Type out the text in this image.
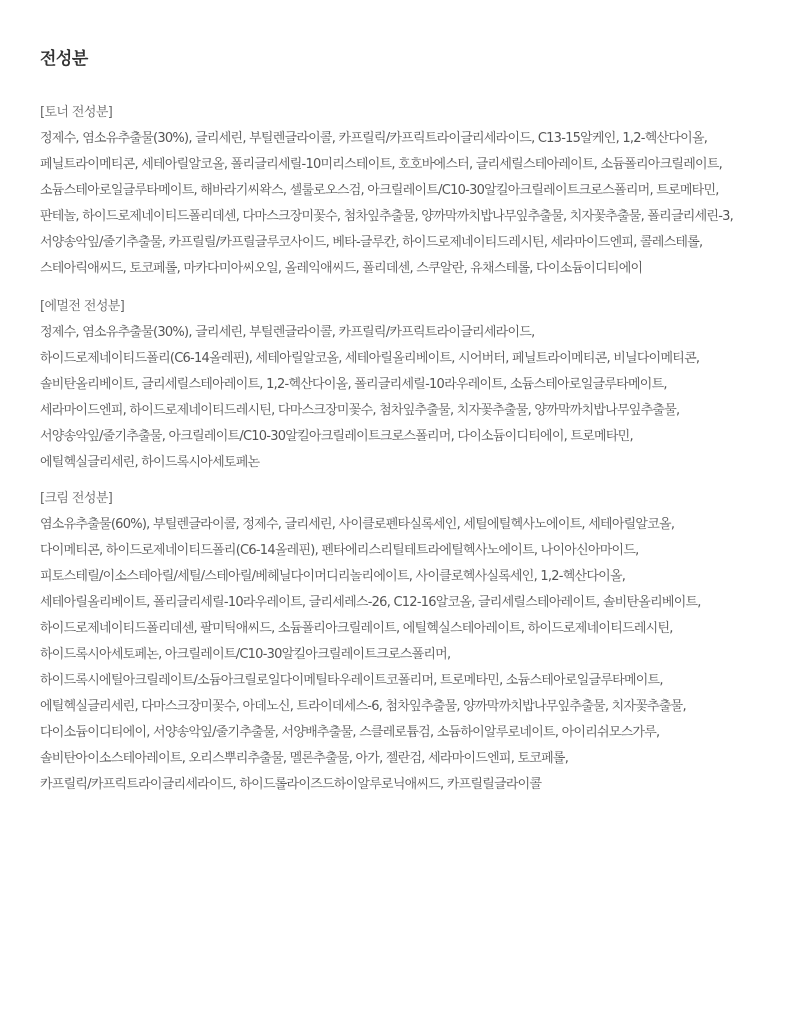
전성분
[토너 전성분]
정제수, 염소유추출물(30%), 글리세린, 부틸렌글라이콜, 카프릴릭/카프릭트라이글리세라이드, C13-15알케인, 1,2-헥산다이올,
페닐트라이메티콘, 세테아릴알코올, 폴리글리세릴-10미리스테이트, 호호바에스터, 글리세릴스테아레이트, 소듐폴리아크릴레이트,
소듐스테아로일글루타메이트, 해바라기씨왁스, 셀룰로오스검, 아크릴레이트/C10-30알킬아크릴레이트크로스폴리머, 트로메타민,
판테놀, 하이드로제네이티드폴리데센, 다마스크장미꽃수, 첨차잎추출물, 양까막까치밥나무잎추출물, 치자꽃추출물, 폴리글리세린-3,
서양송악잎/줄기추출물, 카프릴릴/카프릴글루코사이드, 베타-글루칸, 하이드로제네이티드레시틴, 세라마이드엔피, 콜레스테롤,
스테아릭애씨드, 토코페롤, 마카다미아씨오일, 올레익애씨드, 폴리데센, 스쿠알란, 유채스테롤, 다이소듐이디티에이
[에멀전 전성분]
정제수, 염소유추출물(30%), 글리세린, 부틸렌글라이콜, 카프릴릭/카프릭트라이글리세라이드,
하이드로제네이티드폴리(C6-14올레핀), 세테아릴알코올, 세테아릴올리베이트, 시어버터, 페닐트라이메티콘, 비닐다이메티콘,
솔비탄올리베이트, 글리세릴스테아레이트, 1,2-헥산다이올, 폴리글리세릴-10라우레이트, 소듐스테아로일글루타메이트,
세라마이드엔피, 하이드로제네이티드레시틴, 다마스크장미꽃수, 첨차잎추출물, 치자꽃추출물, 양까막까치밥나무잎추출물,
서양송악잎/줄기추출물, 아크릴레이트/C10-30알킬아크릴레이트크로스폴리머, 다이소듐이디티에이, 트로메타민,
에틸헥실글리세린, 하이드록시아세토페논
[크림 전성분]
염소유추출물(60%), 부틸렌글라이콜, 정제수, 글리세린, 사이클로펜타실록세인, 세틸에틸헥사노에이트, 세테아릴알코올,
다이메티콘, 하이드로제네이티드폴리(C6-14올레핀), 펜타에리스리틸테트라에틸헥사노에이트, 나이아신아마이드,
피토스테릴/이소스테아릴/세틸/스테아릴/베헤닐다이머디리놀리에이트, 사이클로헥사실록세인, 1,2-헥산다이올,
세테아릴올리베이트, 폴리글리세릴-10라우레이트, 글리세레스-26, C12-16알코올, 글리세릴스테아레이트, 솔비탄올리베이트,
하이드로제네이티드폴리데센, 팔미틱애씨드, 소듐폴리아크릴레이트, 에틸헥실스테아레이트, 하이드로제네이티드레시틴,
하이드록시아세토페논, 아크릴레이트/C10-30알킬아크릴레이트크로스폴리머,
하이드록시에틸아크릴레이트/소듐아크릴로일다이메틸타우레이트코폴리머, 트로메타민, 소듐스테아로일글루타메이트,
에틸헥실글리세린, 다마스크장미꽃수, 아데노신, 트라이데세스-6, 첨차잎추출물, 양까막까치밥나무잎추출물, 치자꽃추출물,
다이소듐이디티에이, 서양송악잎/줄기추출물, 서양배추출물, 스클레로튬검, 소듐하이알루로네이트, 아이리쉬모스가루,
솔비탄아이소스테아레이트, 오리스뿌리추출물, 멜론추출물, 아가, 젤란검, 세라마이드엔피, 토코페롤,
카프릴릭/카프릭트라이글리세라이드, 하이드롤라이즈드하이알루로닉애씨드, 카프릴릴글라이콜
